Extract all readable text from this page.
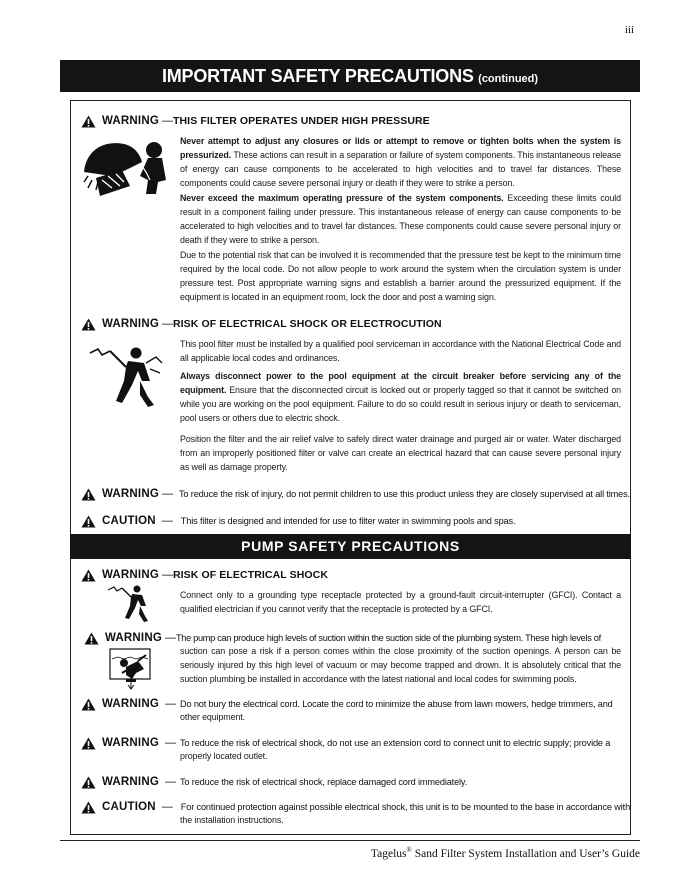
iii
IMPORTANT SAFETY PRECAUTIONS (continued)
WARNING — THIS FILTER OPERATES UNDER HIGH PRESSURE
Never attempt to adjust any closures or lids or attempt to remove or tighten bolts when the system is pressurized. These actions can result in a separation or failure of system components. This instantaneous release of energy can cause components to be accelerated to high velocities and to travel far distances. These components could cause severe personal injury or death if they were to strike a person.
Never exceed the maximum operating pressure of the system components. Exceeding these limits could result in a component failing under pressure. This instantaneous release of energy can cause components to be accelerated to high velocities and to travel far distances. These components could cause severe personal injury or death if they were to strike a person.
Due to the potential risk that can be involved it is recommended that the pressure test be kept to the minimum time required by the local code. Do not allow people to work around the system when the circulation system is under pressure test. Post appropriate warning signs and establish a barrier around the pressurized equipment. If the equipment is located in an equipment room, lock the door and post a warning sign.
WARNING — RISK OF ELECTRICAL SHOCK OR ELECTROCUTION
This pool filter must be installed by a qualified pool serviceman in accordance with the National Electrical Code and all applicable local codes and ordinances.
Always disconnect power to the pool equipment at the circuit breaker before servicing any of the equipment. Ensure that the disconnected circuit is locked out or properly tagged so that it cannot be switched on while you are working on the pool equipment. Failure to do so could result in serious injury or death to serviceman, pool users or others due to electric shock.
Position the filter and the air relief valve to safely direct water drainage and purged air or water. Water discharged from an improperly positioned filter or valve can create an electrical hazard that can cause severe personal injury as well as damage property.
WARNING — To reduce the risk of injury, do not permit children to use this product unless they are closely supervised at all times.
CAUTION — This filter is designed and intended for use to filter water in swimming pools and spas.
PUMP SAFETY PRECAUTIONS
WARNING — RISK OF ELECTRICAL SHOCK
Connect only to a grounding type receptacle protected by a ground-fault circuit-interrupter (GFCI). Contact a qualified electrician if you cannot verify that the receptacle is protected by a GFCI.
WARNING — The pump can produce high levels of suction within the suction side of the plumbing system. These high levels of
suction can pose a risk if a person comes within the close proximity of the suction openings. A person can be seriously injured by this high level of vacuum or may become trapped and drown. It is absolutely critical that the suction plumbing be installed in accordance with the latest national and local codes for swimming pools.
WARNING — Do not bury the electrical cord. Locate the cord to minimize the abuse from lawn mowers, hedge trimmers, and
other equipment.
WARNING — To reduce the risk of electrical shock, do not use an extension cord to connect unit to electric supply; provide a
properly located outlet.
WARNING — To reduce the risk of electrical shock, replace damaged cord immediately.
CAUTION — For continued protection against possible electrical shock, this unit is to be mounted to the base in accordance with
the installation instructions.
Tagelus® Sand Filter System Installation and User’s Guide
